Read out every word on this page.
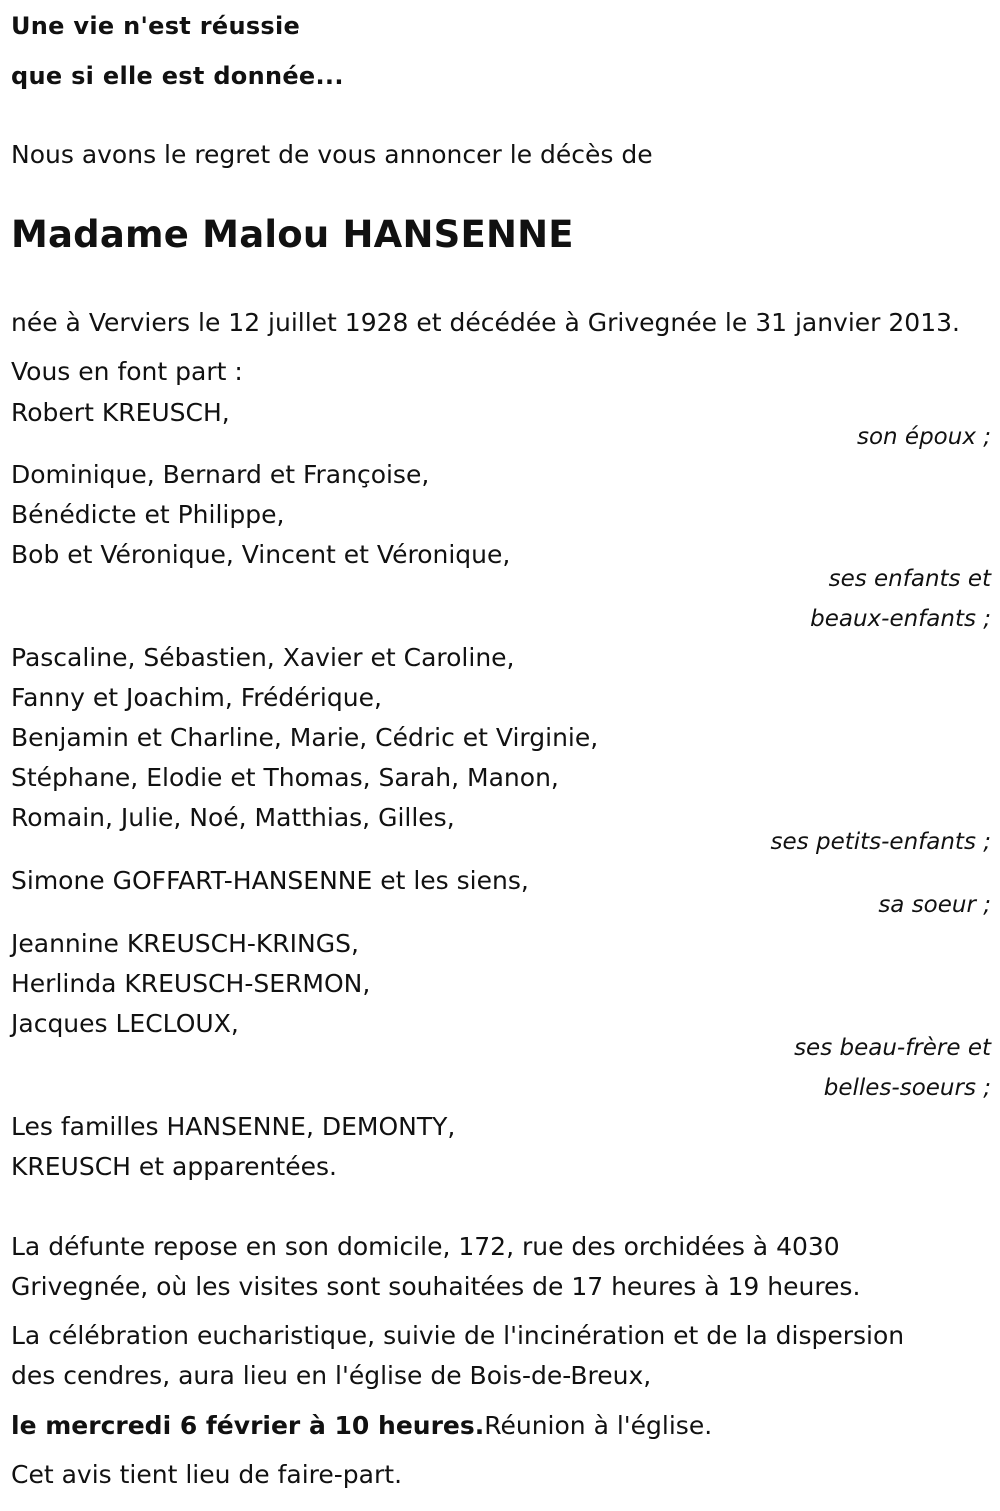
Une vie n'est réussie
que si elle est donnée...
Nous avons le regret de vous annoncer le décès de
Madame Malou HANSENNE
née à Verviers le 12 juillet 1928 et décédée à Grivegnée le 31 janvier 2013.
Vous en font part :
Robert KREUSCH,
son époux ;
Dominique, Bernard et Françoise,
Bénédicte et Philippe,
Bob et Véronique, Vincent et Véronique,
ses enfants et
beaux-enfants ;
Pascaline, Sébastien, Xavier et Caroline,
Fanny et Joachim, Frédérique,
Benjamin et Charline, Marie, Cédric et Virginie,
Stéphane, Elodie et Thomas, Sarah, Manon,
Romain, Julie, Noé, Matthias, Gilles,
ses petits-enfants ;
Simone GOFFART-HANSENNE et les siens,
sa soeur ;
Jeannine KREUSCH-KRINGS,
Herlinda KREUSCH-SERMON,
Jacques LECLOUX,
ses beau-frère et
belles-soeurs ;
Les familles HANSENNE, DEMONTY,
KREUSCH et apparentées.
La défunte repose en son domicile, 172, rue des orchidées à 4030
Grivegnée, où les visites sont souhaitées de 17 heures à 19 heures.
La célébration eucharistique, suivie de l'incinération et de la dispersion
des cendres, aura lieu en l'église de Bois-de-Breux,
le mercredi 6 février à 10 heures.Réunion à l'église.
Cet avis tient lieu de faire-part.
